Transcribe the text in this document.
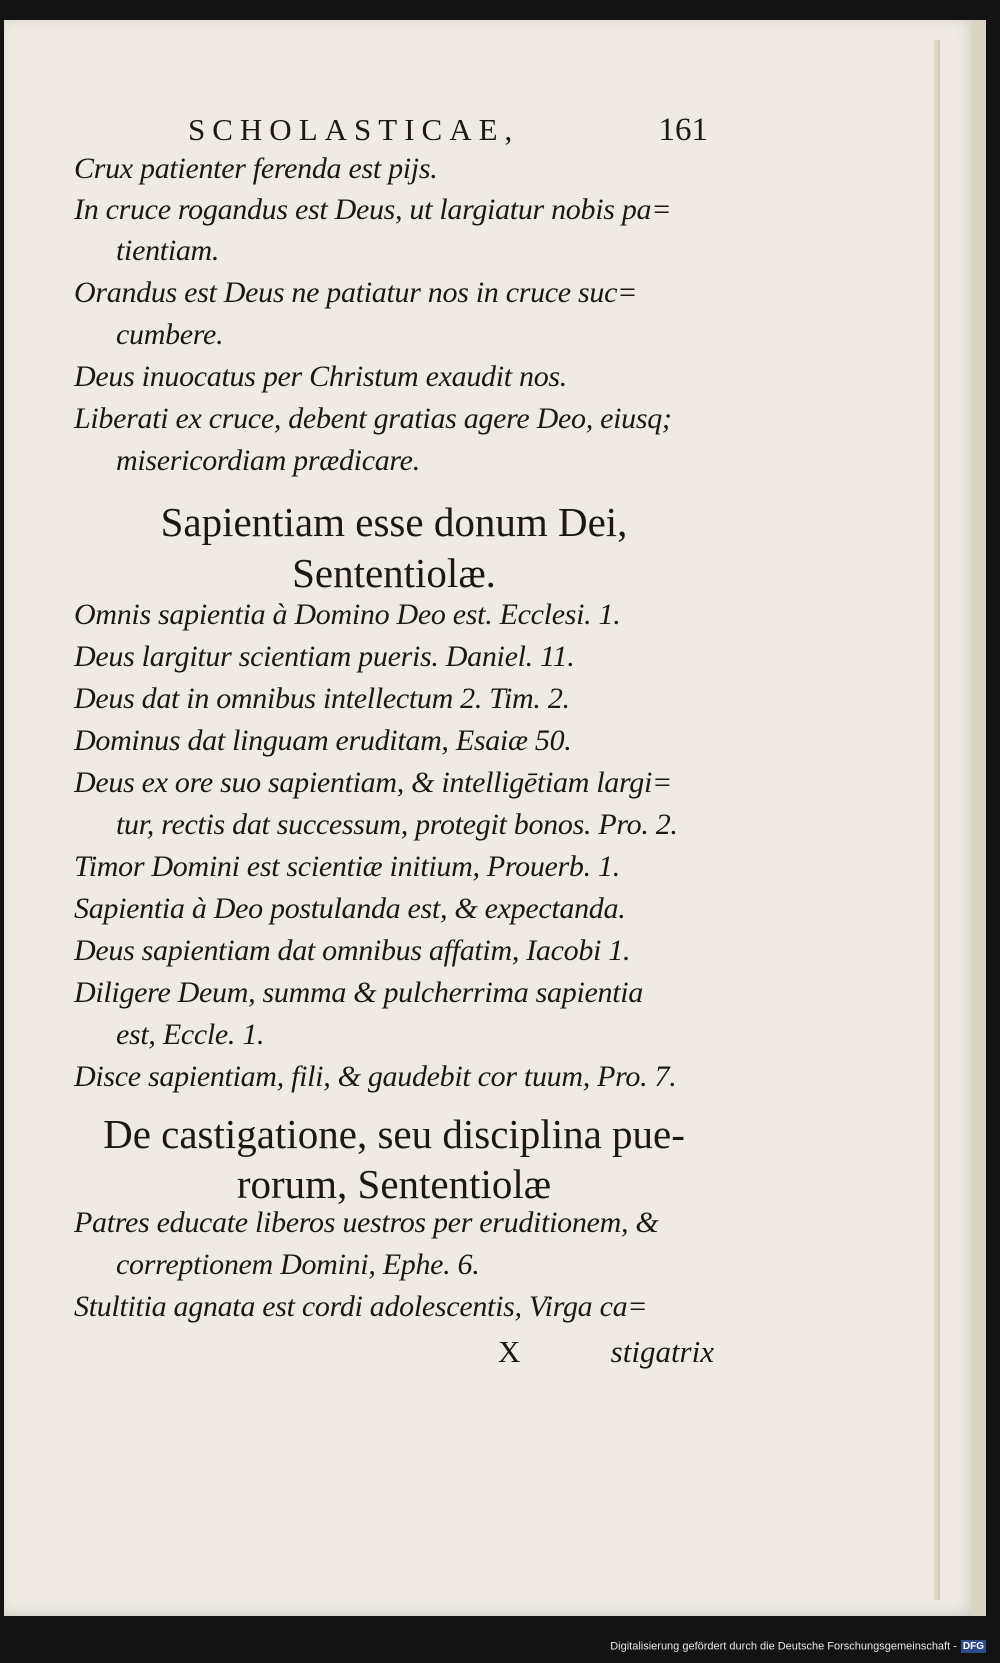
SCHOLASTICAE,	161
Crux patienter ferenda est pijs.
In cruce rogandus est Deus, ut largiatur nobis pa=
tientiam.
Orandus est Deus ne patiatur nos in cruce suc=
cumbere.
Deus inuocatus per Christum exaudit nos.
Liberati ex cruce, debent gratias agere Deo, eiusq;
misericordiam prædicare.
Sapientiam esse donum Dei,
Sententiolæ.
Omnis sapientia à Domino Deo est. Ecclesi. 1.
Deus largitur scientiam pueris. Daniel. 11.
Deus dat in omnibus intellectum 2. Tim. 2.
Dominus dat linguam eruditam, Esaiæ 50.
Deus ex ore suo sapientiam, & intelligētiam largi=
tur, rectis dat successum, protegit bonos. Pro. 2.
Timor Domini est scientiæ initium, Prouerb. 1.
Sapientia à Deo postulanda est, & expectanda.
Deus sapientiam dat omnibus affatim, Iacobi 1.
Diligere Deum, summa & pulcherrima sapientia
est, Eccle. 1.
Disce sapientiam, fili, & gaudebit cor tuum, Pro. 7.
De castigatione, seu disciplina pue-
rorum, Sententiolæ
Patres educate liberos uestros per eruditionem, &
correptionem Domini, Ephe. 6.
Stultitia agnata est cordi adolescentis, Virga ca=
X	stigatrix
Digitalisierung gefördert durch die Deutsche Forschungsgemeinschaft - DFG
